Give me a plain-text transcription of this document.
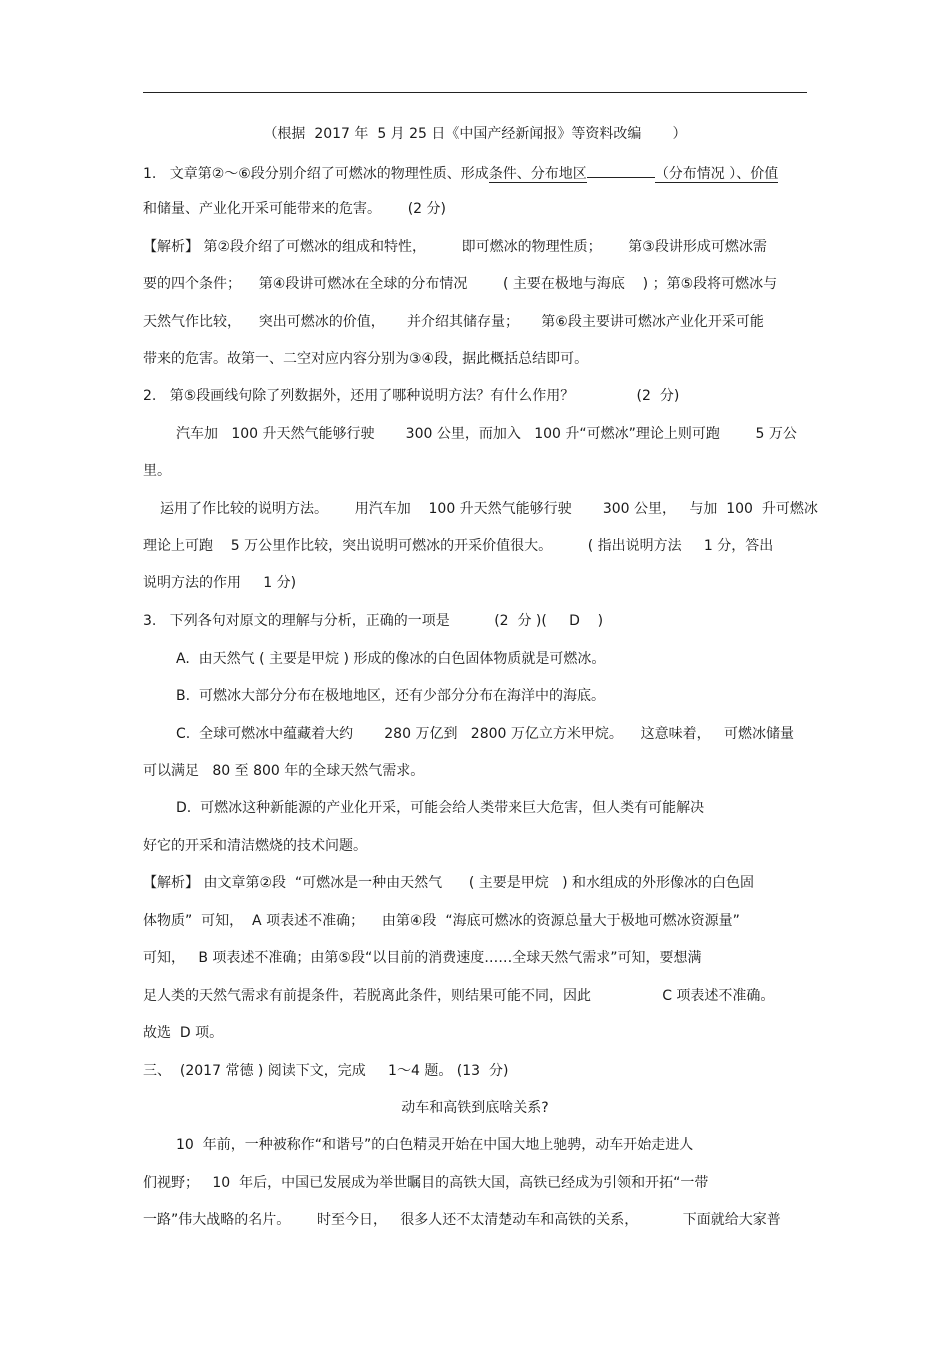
（根据  2017 年  5 月 25 日《中国产经新闻报》等资料改编       ）
1.   文章第②～⑥段分别介绍了可燃冰的物理性质、形成条件、分布地区	（分布情况 ）、价值
和储量、产业化开采可能带来的危害。      (2 分)
【解析】 第②段介绍了可燃冰的组成和特性，        即可燃冰的物理性质；      第③段讲形成可燃冰需
要的四个条件；    第④段讲可燃冰在全球的分布情况        ( 主要在极地与海底    ) ；第⑤段将可燃冰与
天然气作比较，    突出可燃冰的价值，     并介绍其储存量；     第⑥段主要讲可燃冰产业化开采可能
带来的危害。故第一、二空对应内容分别为③④段，据此概括总结即可。
2.   第⑤段画线句除了列数据外，还用了哪种说明方法？有什么作用？              (2  分)
汽车加   100 升天然气能够行驶       300 公里，而加入   100 升“可燃冰”理论上则可跑        5 万公
里。
运用了作比较的说明方法。      用汽车加    100 升天然气能够行驶       300 公里，   与加  100  升可燃冰
理论上可跑    5 万公里作比较，突出说明可燃冰的开采价值很大。        ( 指出说明方法     1 分，答出
说明方法的作用     1 分)
3.   下列各句对原文的理解与分析，正确的一项是          (2  分 )(     D    )
A.  由天然气 ( 主要是甲烷 ) 形成的像冰的白色固体物质就是可燃冰。
B.  可燃冰大部分分布在极地地区，还有少部分分布在海洋中的海底。
C.  全球可燃冰中蕴藏着大约       280 万亿到   2800 万亿立方米甲烷。    这意味着，   可燃冰储量
可以满足   80 至 800 年的全球天然气需求。
D.  可燃冰这种新能源的产业化开采，可能会给人类带来巨大危害，但人类有可能解决
好它的开采和清洁燃烧的技术问题。
【解析】 由文章第②段  “可燃冰是一种由天然气      ( 主要是甲烷   ) 和水组成的外形像冰的白色固
体物质”  可知，  A 项表述不准确；    由第④段  “海底可燃冰的资源总量大于极地可燃冰资源量”
可知，   B 项表述不准确；由第⑤段“以目前的消费速度……全球天然气需求”可知，要想满
足人类的天然气需求有前提条件，若脱离此条件，则结果可能不同，因此                C 项表述不准确。
故选  D 项。
三、  (2017 常德 ) 阅读下文，完成     1～4 题。 (13  分)
动车和高铁到底啥关系?
10  年前，一种被称作“和谐号”的白色精灵开始在中国大地上驰骋，动车开始走进人
们视野；   10  年后，中国已发展成为举世瞩目的高铁大国，高铁已经成为引领和开拓“一带
一路”伟大战略的名片。      时至今日，   很多人还不太清楚动车和高铁的关系，          下面就给大家普
